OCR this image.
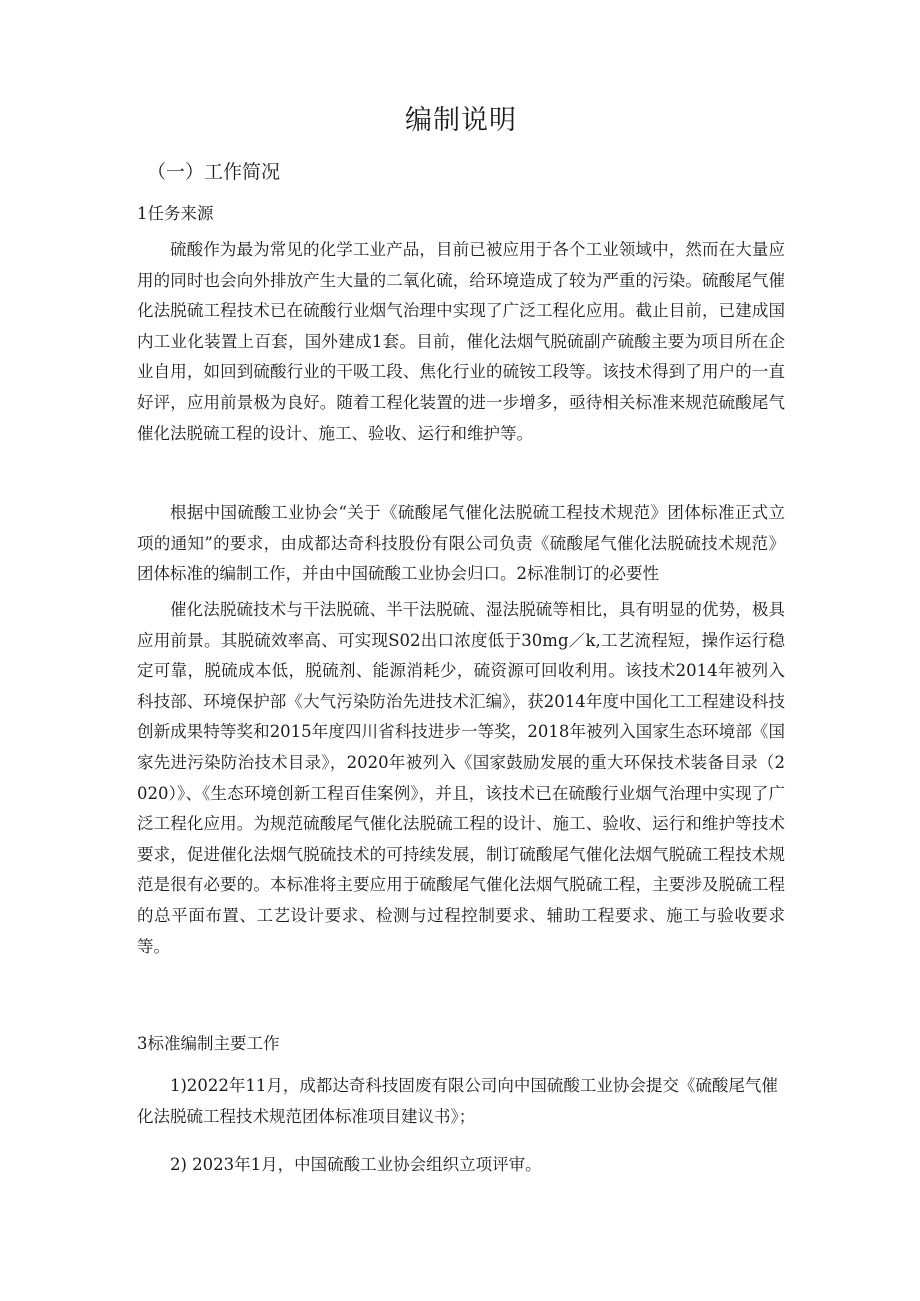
编制说明
（一）工作简况
1任务来源

硫酸作为最为常见的化学工业产品，目前已被应用于各个工业领域中，然而在大量应用的同时也会向外排放产生大量的二氧化硫，给环境造成了较为严重的污染。硫酸尾气催化法脱硫工程技术已在硫酸行业烟气治理中实现了广泛工程化应用。截止目前，已建成国内工业化装置上百套，国外建成1套。目前，催化法烟气脱硫副产硫酸主要为项目所在企业自用，如回到硫酸行业的干吸工段、焦化行业的硫铵工段等。该技术得到了用户的一直好评，应用前景极为良好。随着工程化装置的进一步增多，亟待相关标准来规范硫酸尾气催化法脱硫工程的设计、施工、验收、运行和维护等。

根据中国硫酸工业协会“关于《硫酸尾气催化法脱硫工程技术规范》团体标准正式立项的通知”的要求，由成都达奇科技股份有限公司负责《硫酸尾气催化法脱硫技术规范》团体标准的编制工作，并由中国硫酸工业协会归口。2标准制订的必要性

催化法脱硫技术与干法脱硫、半干法脱硫、湿法脱硫等相比，具有明显的优势，极具应用前景。其脱硫效率高、可实现S02出口浓度低于30mg／k,工艺流程短，操作运行稳定可靠，脱硫成本低，脱硫剂、能源消耗少，硫资源可回收利用。该技术2014年被列入科技部、环境保护部《大气污染防治先进技术汇编》，获2014年度中国化工工程建设科技创新成果特等奖和2015年度四川省科技进步一等奖，2018年被列入国家生态环境部《国家先进污染防治技术目录》，2020年被列入《国家鼓励发展的重大环保技术装备目录（2020）》、《生态环境创新工程百佳案例》，并且，该技术已在硫酸行业烟气治理中实现了广泛工程化应用。为规范硫酸尾气催化法脱硫工程的设计、施工、验收、运行和维护等技术要求，促进催化法烟气脱硫技术的可持续发展，制订硫酸尾气催化法烟气脱硫工程技术规范是很有必要的。本标准将主要应用于硫酸尾气催化法烟气脱硫工程，主要涉及脱硫工程的总平面布置、工艺设计要求、检测与过程控制要求、辅助工程要求、施工与验收要求等。

3标准编制主要工作

1)2022年11月，成都达奇科技固废有限公司向中国硫酸工业协会提交《硫酸尾气催化法脱硫工程技术规范团体标准项目建议书》；

2) 2023年1月，中国硫酸工业协会组织立项评审。
